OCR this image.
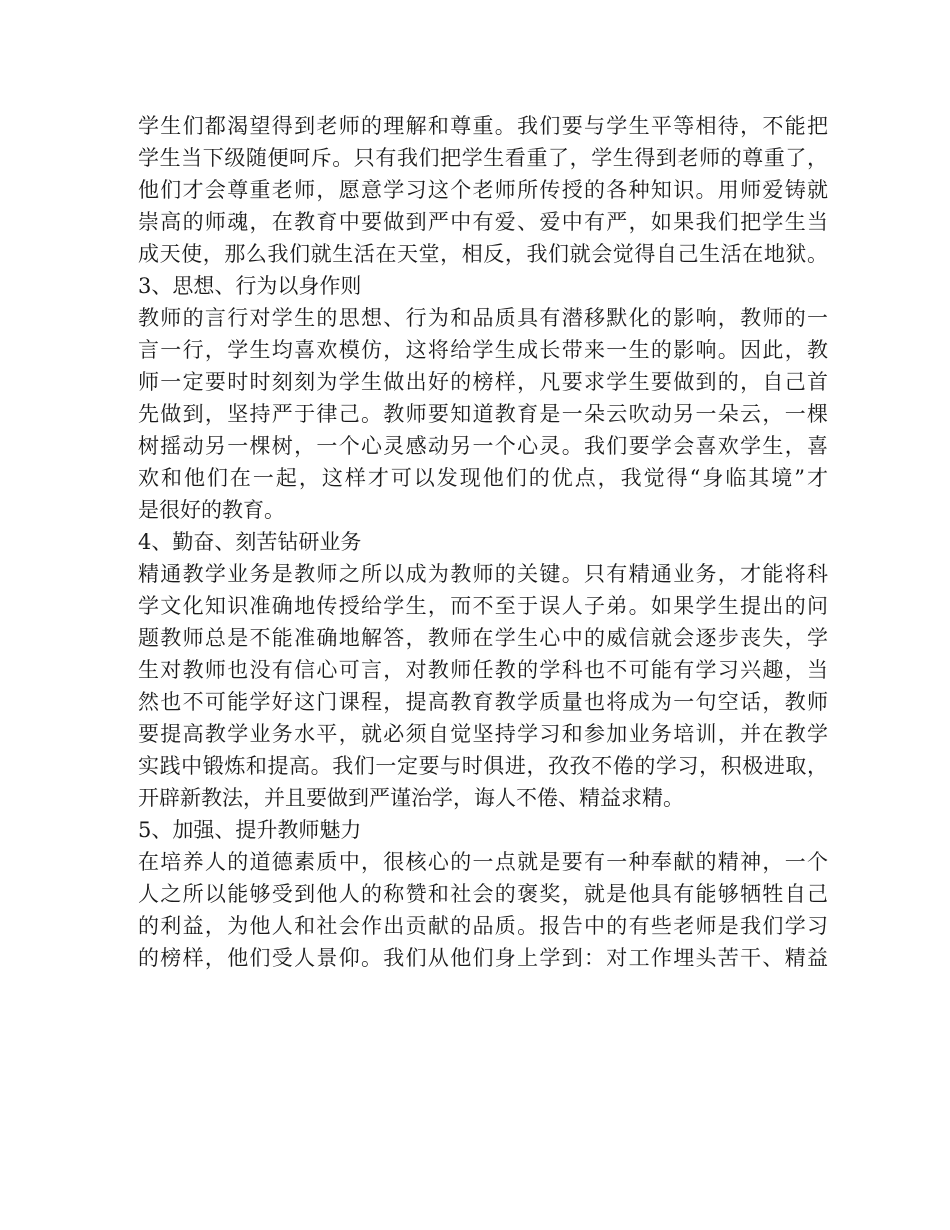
学生们都渴望得到老师的理解和尊重。我们要与学生平等相待，不能把
学生当下级随便呵斥。只有我们把学生看重了，学生得到老师的尊重了，
他们才会尊重老师，愿意学习这个老师所传授的各种知识。用师爱铸就
崇高的师魂，在教育中要做到严中有爱、爱中有严，如果我们把学生当
成天使，那么我们就生活在天堂，相反，我们就会觉得自己生活在地狱。
3、思想、行为以身作则
教师的言行对学生的思想、行为和品质具有潜移默化的影响，教师的一
言一行，学生均喜欢模仿，这将给学生成长带来一生的影响。因此，教
师一定要时时刻刻为学生做出好的榜样，凡要求学生要做到的，自己首
先做到，坚持严于律己。教师要知道教育是一朵云吹动另一朵云，一棵
树摇动另一棵树，一个心灵感动另一个心灵。我们要学会喜欢学生，喜
欢和他们在一起，这样才可以发现他们的优点，我觉得“身临其境”才
是很好的教育。
4、勤奋、刻苦钻研业务
精通教学业务是教师之所以成为教师的关键。只有精通业务，才能将科
学文化知识准确地传授给学生，而不至于误人子弟。如果学生提出的问
题教师总是不能准确地解答，教师在学生心中的威信就会逐步丧失，学
生对教师也没有信心可言，对教师任教的学科也不可能有学习兴趣，当
然也不可能学好这门课程，提高教育教学质量也将成为一句空话，教师
要提高教学业务水平，就必须自觉坚持学习和参加业务培训，并在教学
实践中锻炼和提高。我们一定要与时俱进，孜孜不倦的学习，积极进取，
开辟新教法，并且要做到严谨治学，诲人不倦、精益求精。
5、加强、提升教师魅力
在培养人的道德素质中，很核心的一点就是要有一种奉献的精神，一个
人之所以能够受到他人的称赞和社会的褒奖，就是他具有能够牺牲自己
的利益，为他人和社会作出贡献的品质。报告中的有些老师是我们学习
的榜样，他们受人景仰。我们从他们身上学到：对工作埋头苦干、精益
